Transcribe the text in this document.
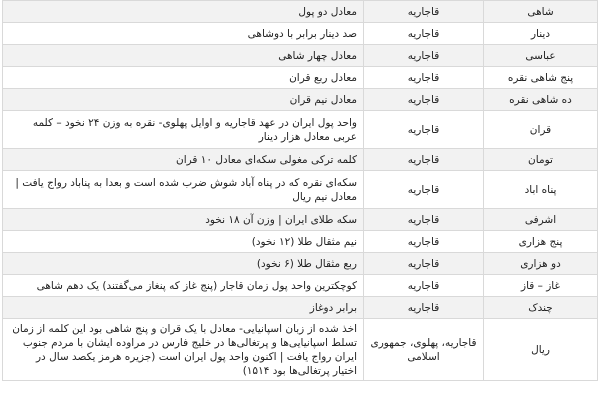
شاهی	قاجاریه	معادل دو پول
دینار	قاجاریه	صد دینار برابر با دوشاهی
عباسی	قاجاریه	معادل چهار شاهی
پنج شاهی نقره	قاجاریه	معادل ربع قران
ده شاهی نقره	قاجاریه	معادل نیم قران
قران	قاجاریه	واحد پول ایران در عهد قاجاریه و اوایل پهلوی- نقره به وزن ۲۴ نخود – کلمه عربی معادل هزار دینار
تومان	قاجاریه	کلمه ترکی مغولی سکه‌ای معادل ۱۰ قران
پناه اباد	قاجاریه	سکه‌ای نقره که در پناه آباد شوش ضرب شده است و بعدا به پناباد رواج یافت | معادل نیم ریال
اشرفی	قاجاریه	سکه طلای ایران | وزن آن ۱۸ نخود
پنج هزاری	قاجاریه	نیم مثقال طلا (۱۲ نخود)
دو هزاری	قاجاریه	ربع مثقال طلا (۶ نخود)
غاز – قاز	قاجاریه	کوچکترین واحد پول زمان قاجار (پنج غاز که پنغاز می‌گفتند) یک دهم شاهی
چندک	قاجاریه	برابر دوغاز
ریال	قاجاریه، پهلوی، جمهوری اسلامی	اخذ شده از زبان اسپانیایی- معادل با یک قران و پنج شاهی بود این کلمه از زمان تسلط اسپانیایی‌ها و پرتغالی‌ها در خلیج فارس در مراوده ایشان با مردم جنوب ایران رواج یافت | اکنون واحد پول ایران است (جزیره هرمز یکصد سال در اختیار پرتغالی‌ها بود ۱۵۱۴)
